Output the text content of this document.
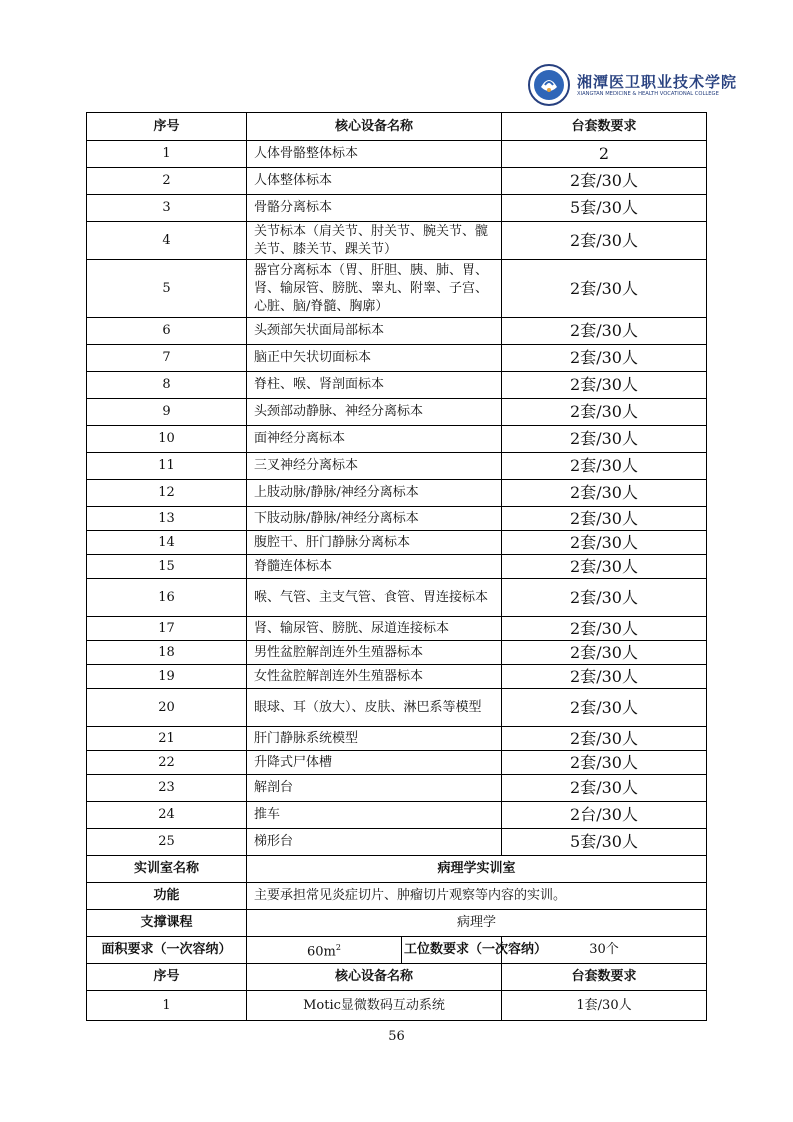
湘潭医卫职业技术学院
XIANGTAN MEDICINE & HEALTH VOCATIONAL COLLEGE
序号	核心设备名称		台套数要求
1	人体骨骼整体标本		2
2	人体整体标本		2套/30人
3	骨骼分离标本		5套/30人
4	关节标本（肩关节、肘关节、腕关节、髋关节、膝关节、踝关节）		2套/30人
5	器官分离标本（胃、肝胆、胰、肺、胃、肾、输尿管、膀胱、睾丸、附睾、子宫、心脏、脑/脊髓、胸廓）		2套/30人
6	头颈部矢状面局部标本		2套/30人
7	脑正中矢状切面标本		2套/30人
8	脊柱、喉、肾剖面标本		2套/30人
9	头颈部动静脉、神经分离标本		2套/30人
10	面神经分离标本		2套/30人
11	三叉神经分离标本		2套/30人
12	上肢动脉/静脉/神经分离标本		2套/30人
13	下肢动脉/静脉/神经分离标本		2套/30人
14	腹腔干、肝门静脉分离标本		2套/30人
15	脊髓连体标本		2套/30人
16	喉、气管、主支气管、食管、胃连接标本		2套/30人
17	肾、输尿管、膀胱、尿道连接标本		2套/30人
18	男性盆腔解剖连外生殖器标本		2套/30人
19	女性盆腔解剖连外生殖器标本		2套/30人
20	眼球、耳（放大）、皮肤、淋巴系等模型		2套/30人
21	肝门静脉系统模型		2套/30人
22	升降式尸体槽		2套/30人
23	解剖台		2套/30人
24	推车		2台/30人
25	梯形台		5套/30人
实训室名称	病理学实训室		
功能	主要承担常见炎症切片、肿瘤切片观察等内容的实训。		
支撑课程	病理学		
面积要求（一次容纳）	$60m^2$	工位数要求（一次容纳）	30个
序号	核心设备名称		台套数要求
1	Motic显微数码互动系统		1套/30人
56
